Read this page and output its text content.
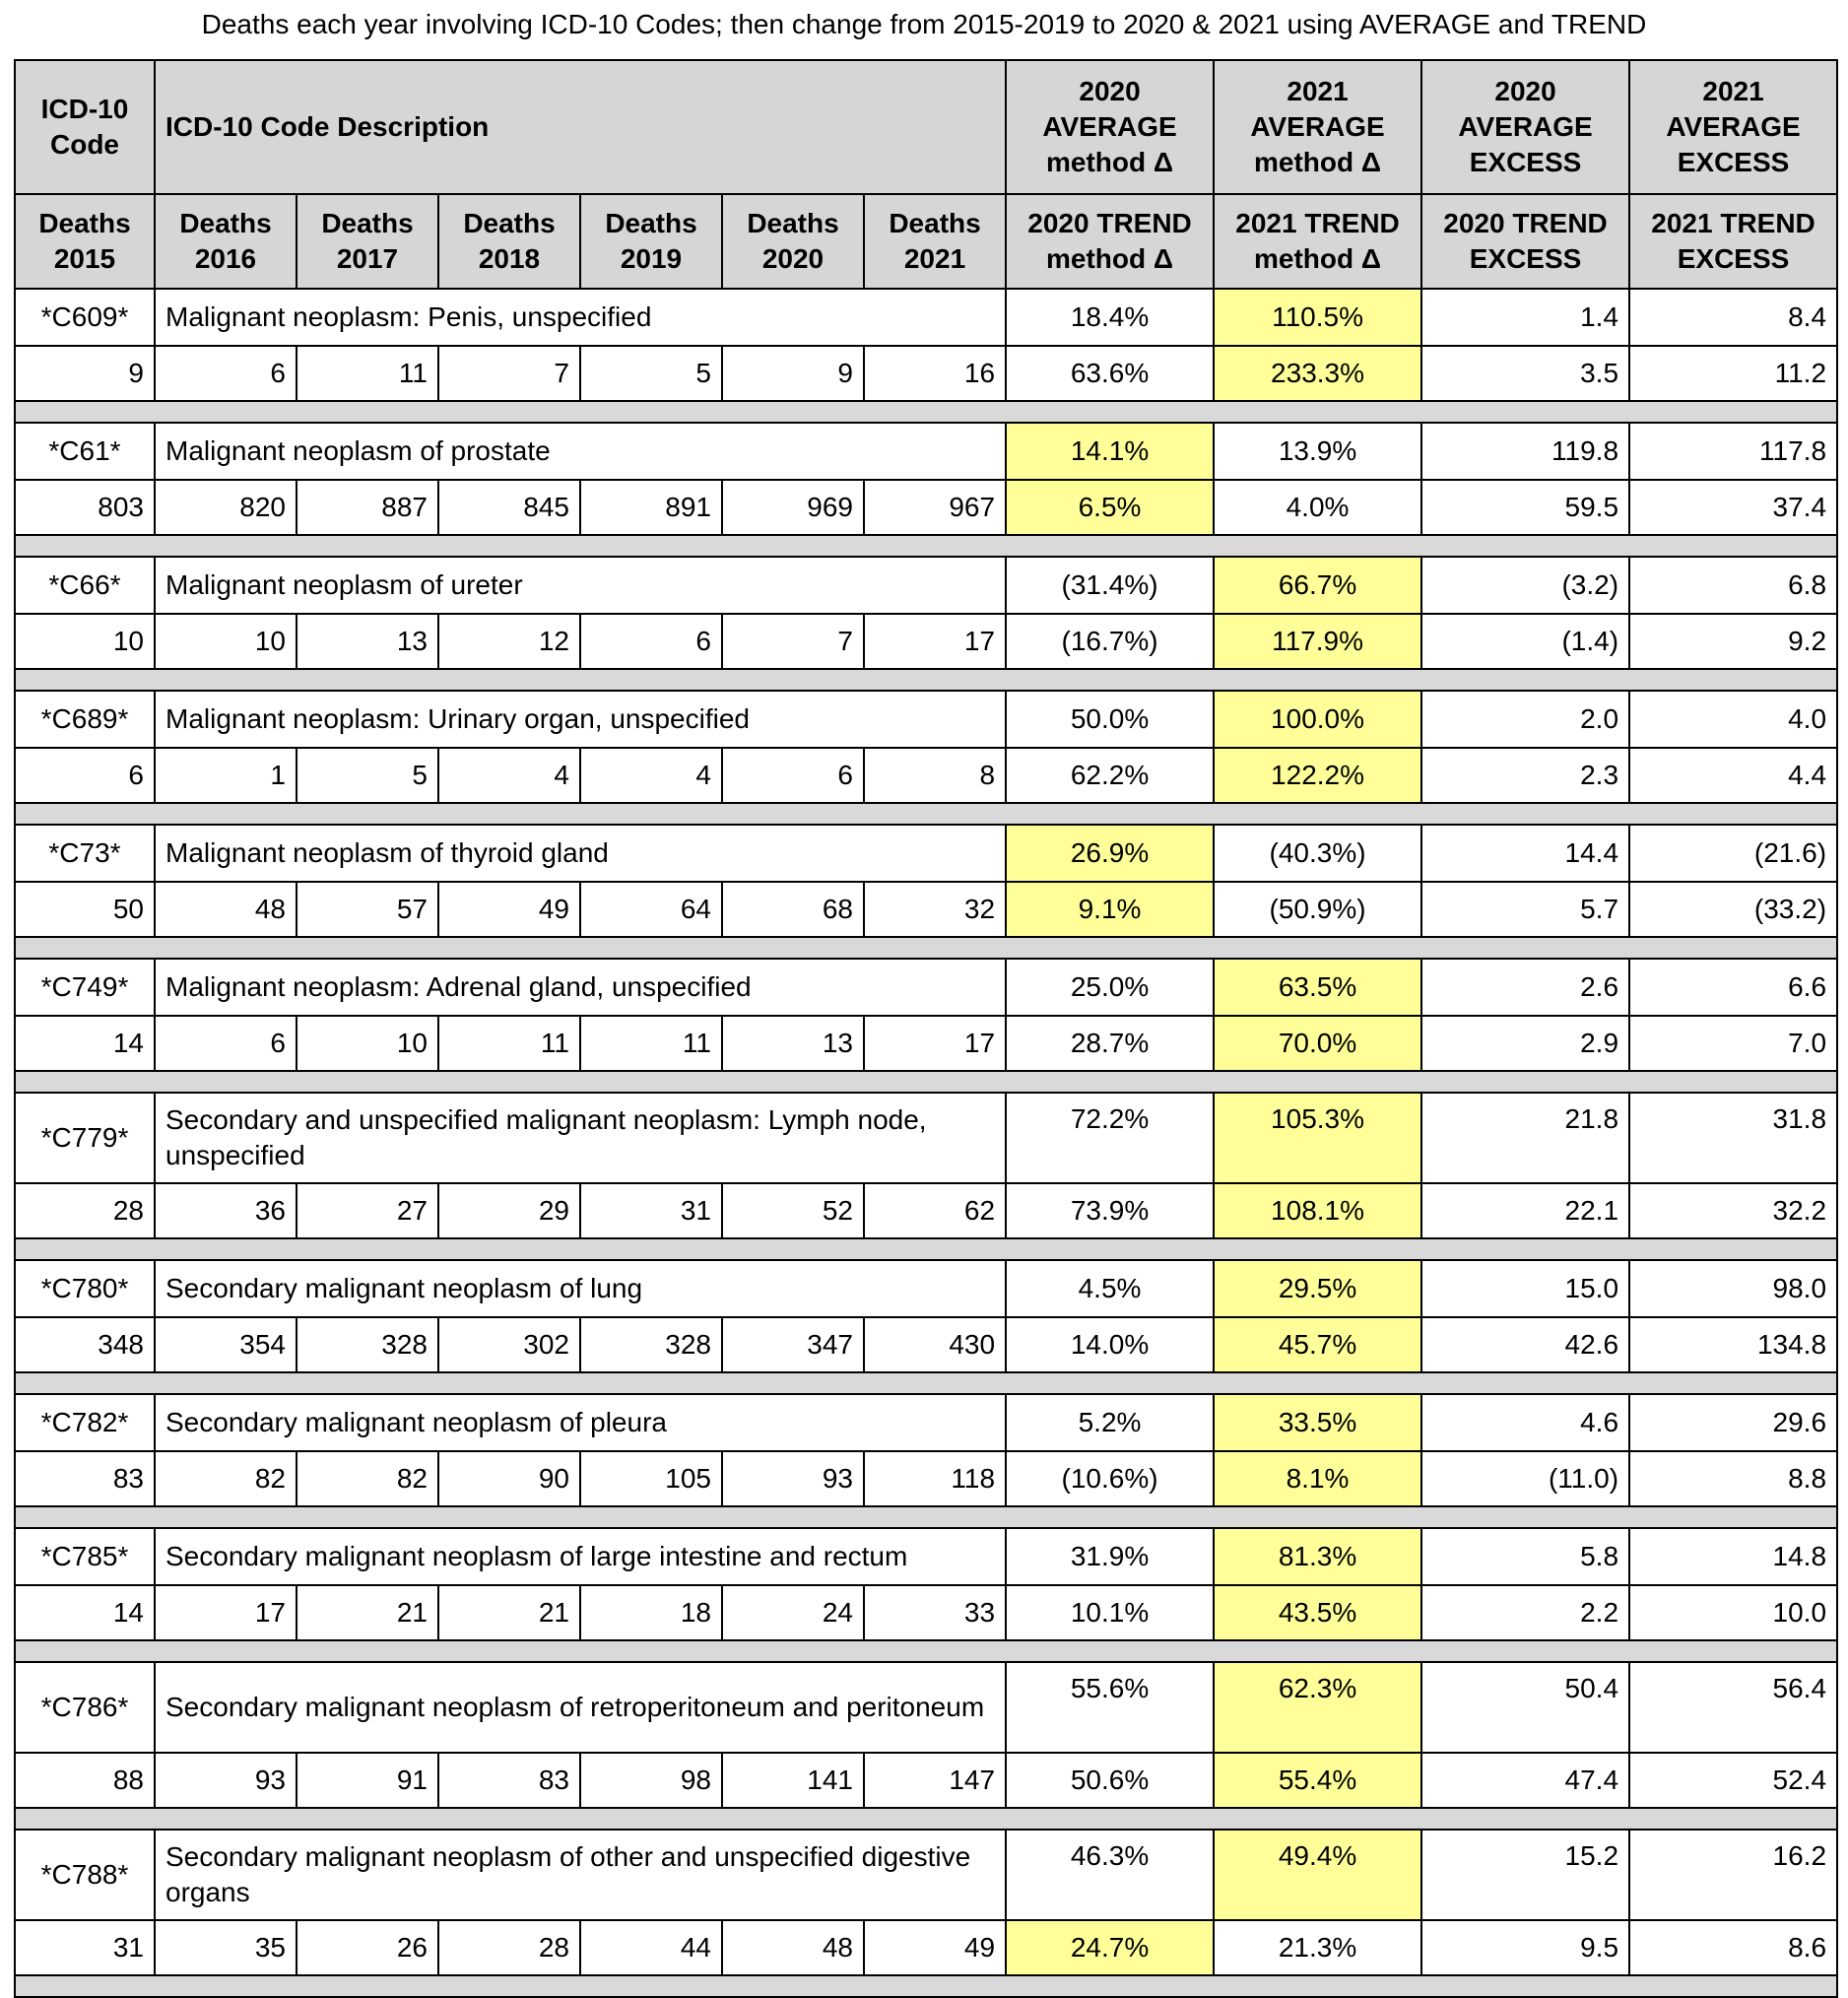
Deaths each year involving ICD-10 Codes; then change from 2015-2019 to 2020 & 2021 using AVERAGE and TREND
ICD-10 Code	ICD-10 Code Description						2020 AVERAGE method Δ	2021 AVERAGE method Δ	2020 AVERAGE EXCESS	2021 AVERAGE EXCESS
Deaths 2015	Deaths 2016	Deaths 2017	Deaths 2018	Deaths 2019	Deaths 2020	Deaths 2021	2020 TREND method Δ	2021 TREND method Δ	2020 TREND EXCESS	2021 TREND EXCESS
*C609*	Malignant neoplasm: Penis, unspecified						18.4%	110.5%	1.4	8.4
9	6	11	7	5	9	16	63.6%	233.3%	3.5	11.2

*C61*	Malignant neoplasm of prostate						14.1%	13.9%	119.8	117.8
803	820	887	845	891	969	967	6.5%	4.0%	59.5	37.4

*C66*	Malignant neoplasm of ureter						(31.4%)	66.7%	(3.2)	6.8
10	10	13	12	6	7	17	(16.7%)	117.9%	(1.4)	9.2

*C689*	Malignant neoplasm: Urinary organ, unspecified						50.0%	100.0%	2.0	4.0
6	1	5	4	4	6	8	62.2%	122.2%	2.3	4.4

*C73*	Malignant neoplasm of thyroid gland						26.9%	(40.3%)	14.4	(21.6)
50	48	57	49	64	68	32	9.1%	(50.9%)	5.7	(33.2)

*C749*	Malignant neoplasm: Adrenal gland, unspecified						25.0%	63.5%	2.6	6.6
14	6	10	11	11	13	17	28.7%	70.0%	2.9	7.0

*C779*	Secondary and unspecified malignant neoplasm: Lymph node, unspecified						72.2%	105.3%	21.8	31.8
28	36	27	29	31	52	62	73.9%	108.1%	22.1	32.2

*C780*	Secondary malignant neoplasm of lung						4.5%	29.5%	15.0	98.0
348	354	328	302	328	347	430	14.0%	45.7%	42.6	134.8

*C782*	Secondary malignant neoplasm of pleura						5.2%	33.5%	4.6	29.6
83	82	82	90	105	93	118	(10.6%)	8.1%	(11.0)	8.8

*C785*	Secondary malignant neoplasm of large intestine and rectum						31.9%	81.3%	5.8	14.8
14	17	21	21	18	24	33	10.1%	43.5%	2.2	10.0

*C786*	Secondary malignant neoplasm of retroperitoneum and peritoneum						55.6%	62.3%	50.4	56.4
88	93	91	83	98	141	147	50.6%	55.4%	47.4	52.4

*C788*	Secondary malignant neoplasm of other and unspecified digestive organs						46.3%	49.4%	15.2	16.2
31	35	26	28	44	48	49	24.7%	21.3%	9.5	8.6
